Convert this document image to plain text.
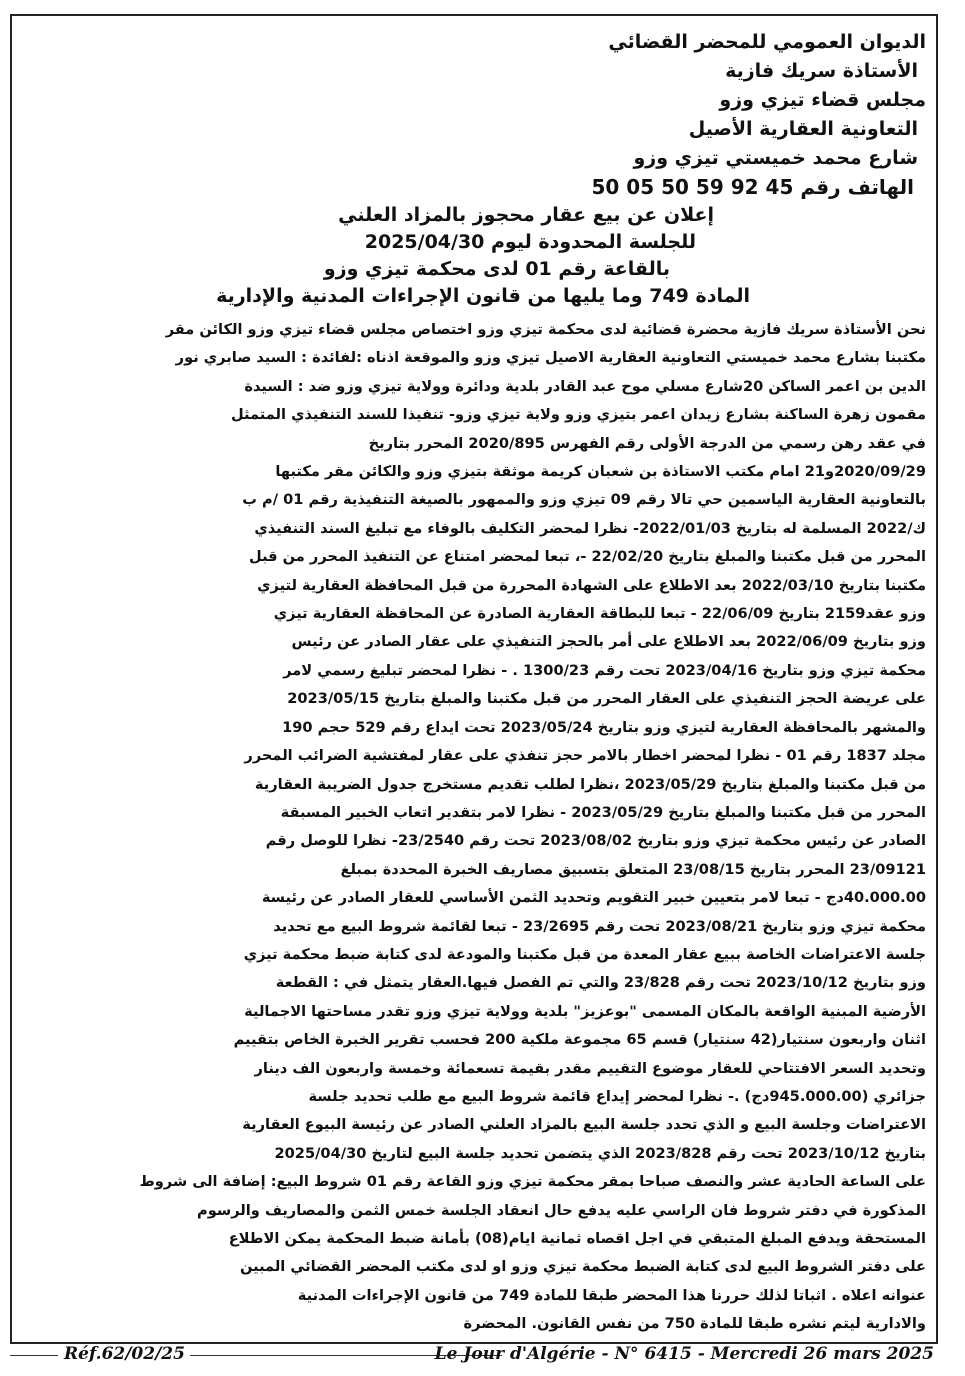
الديوان العمومي للمحضر القضائي

الأستاذة سريك فازية

مجلس قضاء تيزي وزو

التعاونية العقارية الأصيل

شارع محمد خميستي تيزي وزو

الهاتف رقم 45 92 59 50 05 50

إعلان عن بيع عقار محجوز بالمزاد العلني

للجلسة المحدودة ليوم 2025/04/30

بالقاعة رقم 01 لدى محكمة تيزي وزو

المادة 749 وما يليها من قانون الإجراءات المدنية والإدارية

نحن الأستاذة سريك فازية محضرة قضائية لدى محكمة تيزي وزو اختصاص مجلس قضاء تيزي وزو الكائن مقر
مكتبنا بشارع محمد خميستي التعاونية العقارية الاصيل تيزي وزو والموقعة اذناه :لفائدة : السيد صابري نور
الدين بن اعمر الساكن 20شارع مسلي موح عبد القادر بلدية ودائرة وولاية تيزي وزو ضد : السيدة
مقمون زهرة الساكنة بشارع زيدان اعمر بتيزي وزو ولاية تيزي وزو- تنفيذا للسند التنفيذي المتمثل
في عقد رهن رسمي من الدرجة الأولى رقم الفهرس 2020/895 المحرر بتاريخ
2020/09/29و21 امام مكتب الاستاذة بن شعبان كريمة موثقة بتيزي وزو والكائن مقر مكتبها
بالتعاونية العقارية الياسمين حي تالا رقم 09 تيزي وزو والممهور بالصيغة التنفيذية رقم 01 /م ب
ك/2022 المسلمة له بتاريخ 2022/01/03- نظرا لمحضر التكليف بالوفاء مع تبليغ السند التنفيذي
المحرر من قبل مكتبنا والمبلغ بتاريخ 22/02/20 -، تبعا لمحضر امتناع عن التنفيذ المحرر من قبل
مكتبنا بتاريخ 2022/03/10 بعد الاطلاع على الشهادة المحررة من قبل المحافظة العقارية لتيزي
وزو عقد2159 بتاريخ 22/06/09 - تبعا للبطاقة العقارية الصادرة عن المحافظة العقارية تيزي
وزو بتاريخ 2022/06/09 بعد الاطلاع على أمر بالحجز التنفيذي على عقار الصادر عن رئيس
محكمة تيزي وزو بتاريخ 2023/04/16 تحت رقم 1300/23 . - نظرا لمحضر تبليغ رسمي لامر
على عريضة الحجز التنفيذي على العقار المحرر من قبل مكتبنا والمبلغ بتاريخ 2023/05/15
والمشهر بالمحافظة العقارية لتيزي وزو بتاريخ 2023/05/24 تحت ايداع رقم 529 حجم 190
مجلد 1837 رقم 01 - نظرا لمحضر اخطار بالامر حجز تنفذي على عقار لمفتشية الضرائب المحرر
من قبل مكتبنا والمبلغ بتاريخ 2023/05/29 ،نظرا لطلب تقديم مستخرج جدول الضريبة العقارية
المحرر من قبل مكتبنا والمبلغ بتاريخ 2023/05/29 - نظرا لامر بتقدير اتعاب الخبير المسبقة
الصادر عن رئيس محكمة تيزي وزو بتاريخ 2023/08/02 تحت رقم 23/2540- نظرا للوصل رقم
23/09121 المحرر بتاريخ 23/08/15 المتعلق بتسبيق مصاريف الخبرة المحددة بمبلغ
40.000.00دج - تبعا لامر بتعيين خبير التقويم وتحديد الثمن الأساسي للعقار الصادر عن رئيسة
محكمة تيزي وزو بتاريخ 2023/08/21 تحت رقم 23/2695 - تبعا لقائمة شروط البيع مع تحديد
جلسة الاعتراضات الخاصة ببيع عقار المعدة من قبل مكتبنا والمودعة لدى كتابة ضبط محكمة تيزي
وزو بتاريخ 2023/10/12 تحت رقم 23/828 والتي تم الفصل فيها.العقار يتمثل في : القطعة
الأرضية المبنية الواقعة بالمكان المسمى "بوعزيز" بلدية وولاية تيزي وزو تقدر مساحتها الاجمالية
اثنان واربعون سنتيار(42 سنتيار) قسم 65 مجموعة ملكية 200 فحسب تقرير الخبرة الخاص بتقييم
وتحديد السعر الافتتاحي للعقار موضوع التقييم مقدر بقيمة تسعمائة وخمسة واربعون الف دينار
جزائري (945.000.00دج) .- نظرا لمحضر إيداع قائمة شروط البيع مع طلب تحديد جلسة
الاعتراضات وجلسة البيع و الذي تحدد جلسة البيع بالمزاد العلني الصادر عن رئيسة البيوع العقارية
بتاريخ 2023/10/12 تحت رقم 2023/828 الذي يتضمن تحديد جلسة البيع لتاريخ 2025/04/30
على الساعة الحادية عشر والنصف صباحا بمقر محكمة تيزي وزو القاعة رقم 01 شروط البيع: إضافة الى شروط
المذكورة في دفتر شروط فان الراسي عليه يدفع حال انعقاد الجلسة خمس الثمن والمصاريف والرسوم
المستحقة ويدفع المبلغ المتبقي في اجل اقصاه ثمانية ايام(08) بأمانة ضبط المحكمة يمكن الاطلاع
على دفتر الشروط البيع لدى كتابة الضبط محكمة تيزي وزو او لدى مكتب المحضر القضائي المبين
عنوانه اعلاه . اثباتا لذلك حررنا هذا المحضر طبقا للمادة 749 من قانون الإجراءات المدنية
والادارية ليتم نشره طبقا للمادة 750 من نفس القانون. المحضرة
Réf.62/02/25	Le Jour d'Algérie - N° 6415 - Mercredi 26 mars 2025
